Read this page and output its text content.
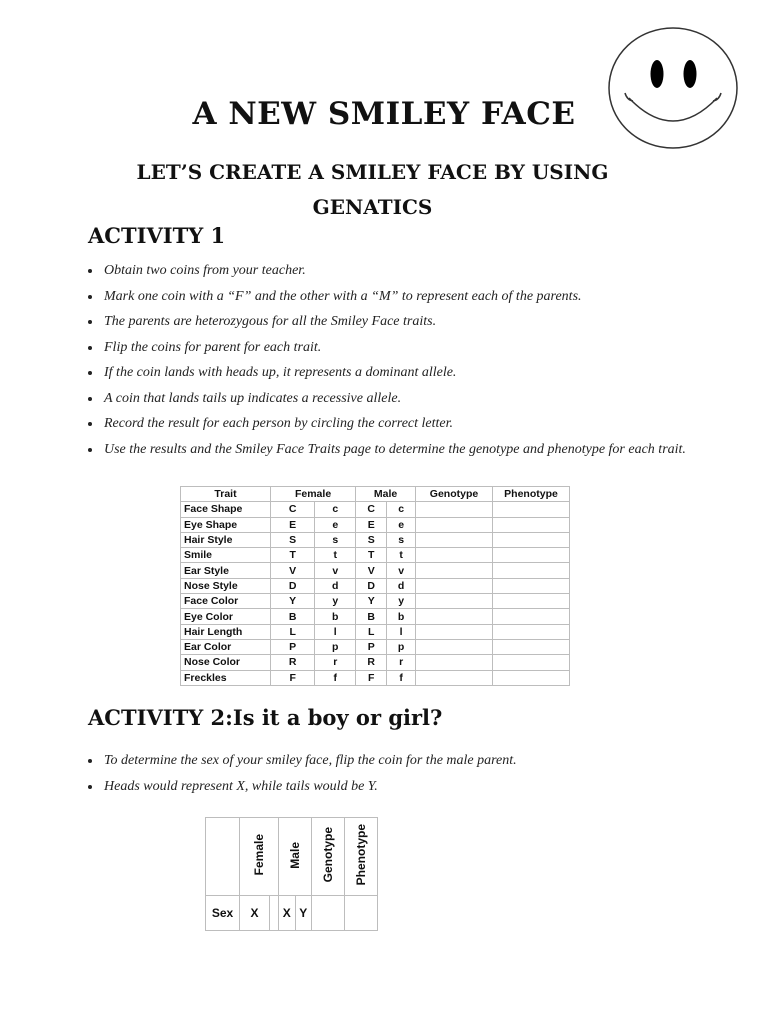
A NEW SMILEY FACE
LET’S CREATE A SMILEY FACE BY USING GENATICS
ACTIVITY 1
• Obtain two coins from your teacher.
• Mark one coin with a “F” and the other with a “M” to represent each of the parents.
• The parents are heterozygous for all the Smiley Face traits.
• Flip the coins for parent for each trait.
• If the coin lands with heads up, it represents a dominant allele.
• A coin that lands tails up indicates a recessive allele.
• Record the result for each person by circling the correct letter.
• Use the results and the Smiley Face Traits page to determine the genotype and phenotype for each trait.
Trait	Female		Male		Genotype	Phenotype
Face Shape	C	c	C	c		
Eye Shape	E	e	E	e		
Hair Style	S	s	S	s		
Smile	T	t	T	t		
Ear Style	V	v	V	v		
Nose Style	D	d	D	d		
Face Color	Y	y	Y	y		
Eye Color	B	b	B	b		
Hair Length	L	l	L	l		
Ear Color	P	p	P	p		
Nose Color	R	r	R	r		
Freckles	F	f	F	f		
ACTIVITY 2:Is it a boy or girl?
• To determine the sex of your smiley face, flip the coin for the male parent.
• Heads would represent X, while tails would be Y.
	Female		Male		Genotype	Phenotype
Sex	X		X	Y		
